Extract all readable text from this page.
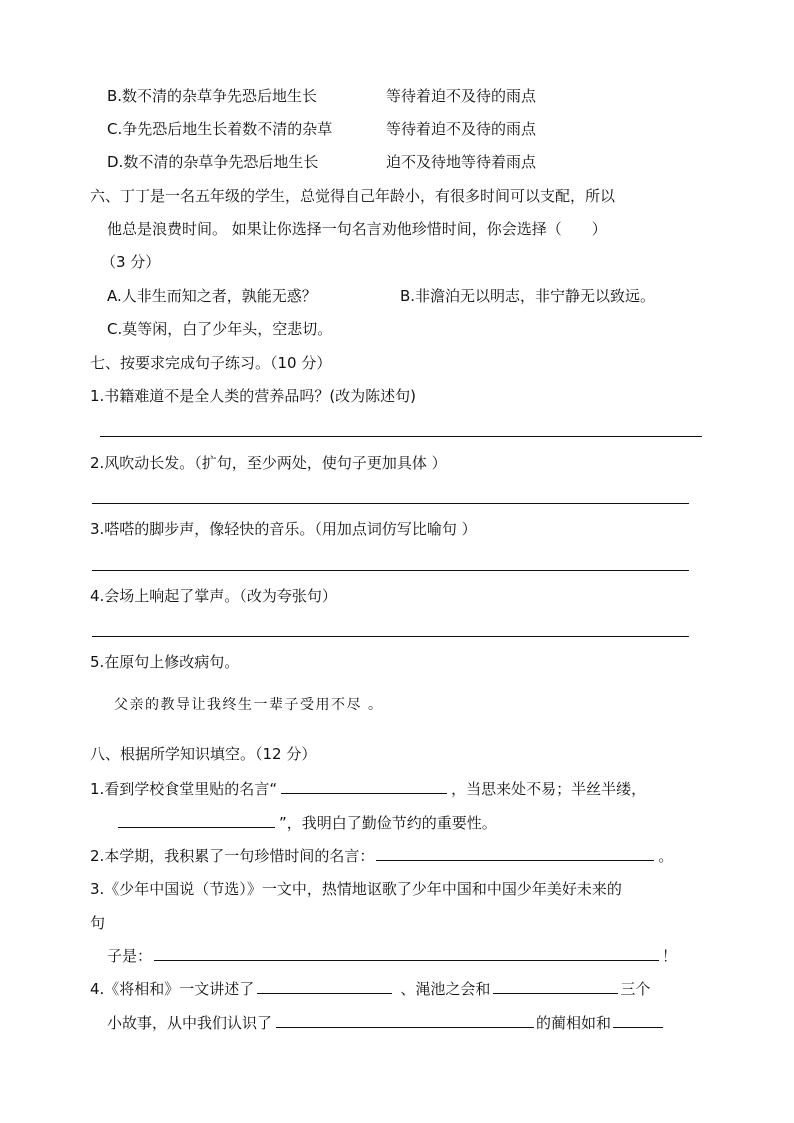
B.数不清的杂草争先恐后地生长	等待着迫不及待的雨点
C.争先恐后地生长着数不清的杂草	等待着迫不及待的雨点
D.数不清的杂草争先恐后地生长	迫不及待地等待着雨点
六、丁丁是一名五年级的学生，总觉得自己年龄小，有很多时间可以支配，所以
他总是浪费时间。 如果让你选择一句名言劝他珍惜时间，你会选择（　　）
（3 分）
A.人非生而知之者，孰能无惑？	B.非澹泊无以明志，非宁静无以致远。
C.莫等闲，白了少年头，空悲切。
七、按要求完成句子练习。（10 分）
1.书籍难道不是全人类的营养品吗？(改为陈述句)
2.风吹动长发。（扩句，至少两处，使句子更加具体 ）
3.嗒嗒的脚步声，像轻快的音乐。（用加点词仿写比喻句 ）
4.会场上响起了掌声。（改为夸张句）
5.在原句上修改病句。
父亲的教导让我终生一辈子受用不尽 。
八、根据所学知识填空。（12 分）
1.看到学校食堂里贴的名言“	，当思来处不易；半丝半缕，
”，我明白了勤俭节约的重要性。
2.本学期，我积累了一句珍惜时间的名言：	。
3.《少年中国说（节选）》一文中，热情地讴歌了少年中国和中国少年美好未来的
句
子是：	！
4.《将相和》一文讲述了	、渑池之会和	三个
小故事，从中我们认识了	的蔺相如和
